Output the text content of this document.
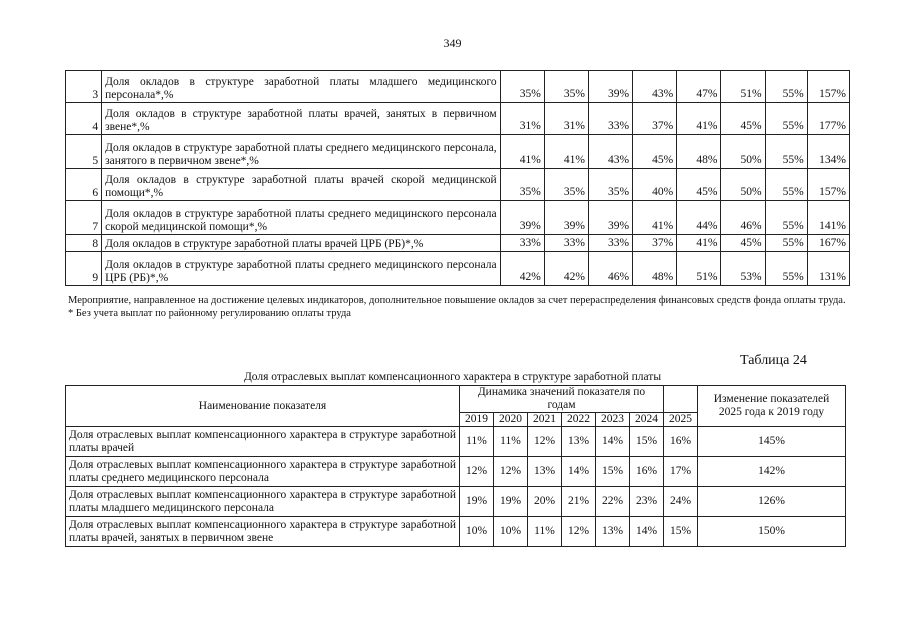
349
3	Доля окладов в структуре заработной платы младшего медицинского персонала*,%	35%	35%	39%	43%	47%	51%	55%	157%
4	Доля окладов в структуре заработной платы врачей, занятых в первичном звене*,%	31%	31%	33%	37%	41%	45%	55%	177%
5	Доля окладов в структуре заработной платы среднего медицинского персонала, занятого в первичном звене*,%	41%	41%	43%	45%	48%	50%	55%	134%
6	Доля окладов в структуре заработной платы врачей скорой медицинской помощи*,%	35%	35%	35%	40%	45%	50%	55%	157%
7	Доля окладов в структуре заработной платы среднего медицинского персонала скорой медицинской помощи*,%	39%	39%	39%	41%	44%	46%	55%	141%
8	Доля окладов в структуре заработной платы врачей ЦРБ (РБ)*,%	33%	33%	33%	37%	41%	45%	55%	167%
9	Доля окладов в структуре заработной платы среднего медицинского персонала ЦРБ (РБ)*,%	42%	42%	46%	48%	51%	53%	55%	131%

Мероприятие, направленное на достижение целевых индикаторов, дополнительное повышение окладов за счет перераспределения финансовых средств фонда оплаты труда.

* Без учета выплат по районному регулированию оплаты труда

Таблица 24
Доля отраслевых выплат компенсационного характера в структуре заработной платы
Наименование показателя	Динамика значений показателя по годам							Изменение показателей 2025 года к 2019 году
	2019	2020	2021	2022	2023	2024	2025	
Доля отраслевых выплат компенсационного характера в структуре заработной платы врачей	11%	11%	12%	13%	14%	15%	16%	145%
Доля отраслевых выплат компенсационного характера в структуре заработной платы среднего медицинского персонала	12%	12%	13%	14%	15%	16%	17%	142%
Доля отраслевых выплат компенсационного характера в структуре заработной платы младшего медицинского персонала	19%	19%	20%	21%	22%	23%	24%	126%
Доля отраслевых выплат компенсационного характера в структуре заработной платы врачей, занятых в первичном звене	10%	10%	11%	12%	13%	14%	15%	150%
